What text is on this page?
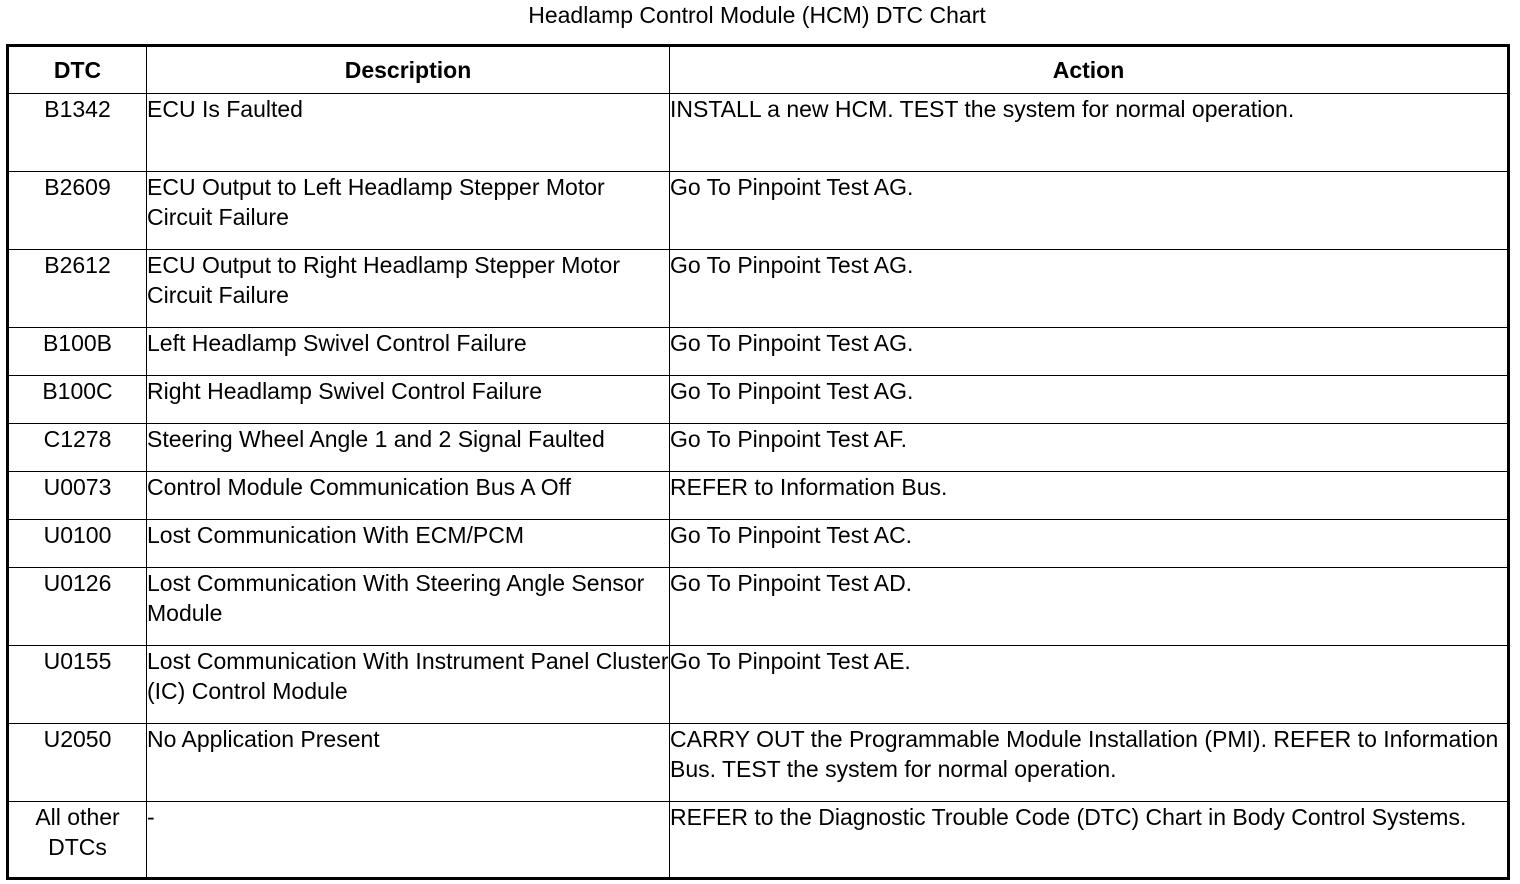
Headlamp Control Module (HCM) DTC Chart
DTC	Description	Action
B1342	ECU Is Faulted	INSTALL a new HCM. TEST the system for normal operation.
B2609	ECU Output to Left Headlamp Stepper Motor Circuit Failure	Go To Pinpoint Test AG.
B2612	ECU Output to Right Headlamp Stepper Motor Circuit Failure	Go To Pinpoint Test AG.
B100B	Left Headlamp Swivel Control Failure	Go To Pinpoint Test AG.
B100C	Right Headlamp Swivel Control Failure	Go To Pinpoint Test AG.
C1278	Steering Wheel Angle 1 and 2 Signal Faulted	Go To Pinpoint Test AF.
U0073	Control Module Communication Bus A Off	REFER to Information Bus.
U0100	Lost Communication With ECM/PCM	Go To Pinpoint Test AC.
U0126	Lost Communication With Steering Angle Sensor Module	Go To Pinpoint Test AD.
U0155	Lost Communication With Instrument Panel Cluster (IC) Control Module	Go To Pinpoint Test AE.
U2050	No Application Present	CARRY OUT the Programmable Module Installation (PMI). REFER to Information Bus. TEST the system for normal operation.
All other DTCs	-	REFER to the Diagnostic Trouble Code (DTC) Chart in Body Control Systems.
